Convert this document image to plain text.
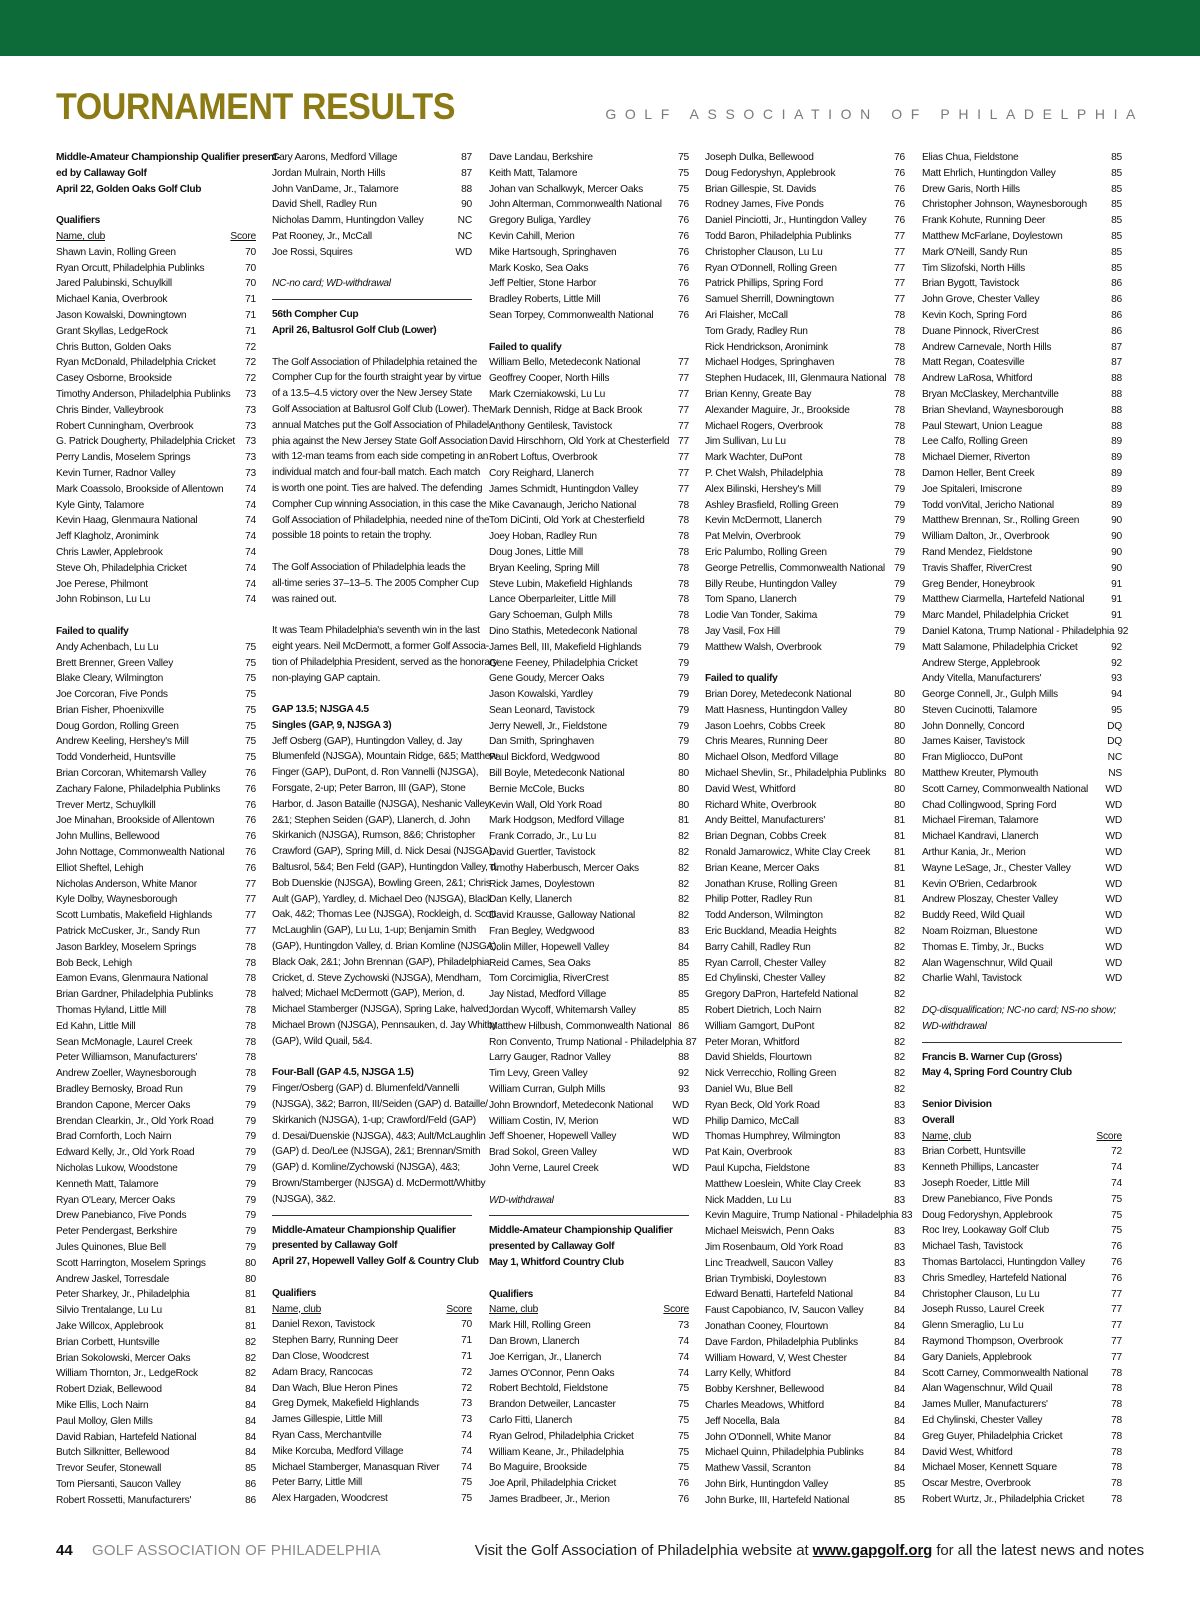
TOURNAMENT RESULTS	GOLF ASSOCIATION OF PHILADELPHIA
Middle-Amateur Championship Qualifier present-
ed by Callaway Golf
April 22, Golden Oaks Golf Club
Qualifiers
Name, club	Score
Shawn Lavin, Rolling Green	70
Ryan Orcutt, Philadelphia Publinks	70
Jared Palubinski, Schuylkill	70
Michael Kania, Overbrook	71
Jason Kowalski, Downingtown	71
Grant Skyllas, LedgeRock	71
Chris Button, Golden Oaks	72
Ryan McDonald, Philadelphia Cricket	72
Casey Osborne, Brookside	72
Timothy Anderson, Philadelphia Publinks 73
Chris Binder, Valleybrook	73
Robert Cunningham, Overbrook	73
G. Patrick Dougherty, Philadelphia Cricket 73
Perry Landis, Moselem Springs	73
Kevin Turner, Radnor Valley	73
Mark Coassolo, Brookside of Allentown 74
Kyle Ginty, Talamore	74
Kevin Haag, Glenmaura National	74
Jeff Klagholz, Aronimink	74
Chris Lawler, Applebrook	74
Steve Oh, Philadelphia Cricket	74
Joe Perese, Philmont	74
John Robinson, Lu Lu	74
Failed to qualify
Andy Achenbach, Lu Lu	75
Brett Brenner, Green Valley	75
Blake Cleary, Wilmington	75
Joe Corcoran, Five Ponds	75
Brian Fisher, Phoenixville	75
Doug Gordon, Rolling Green	75
Andrew Keeling, Hershey's Mill	75
Todd Vonderheid, Huntsville	75
Brian Corcoran, Whitemarsh Valley	76
Zachary Falone, Philadelphia Publinks 76
Trever Mertz, Schuylkill	76
Joe Minahan, Brookside of Allentown	76
John Mullins, Bellewood	76
John Nottage, Commonwealth National 76
Elliot Sheftel, Lehigh	76
Nicholas Anderson, White Manor	77
Kyle Dolby, Waynesborough	77
Scott Lumbatis, Makefield Highlands	77
Patrick McCusker, Jr., Sandy Run	77
Jason Barkley, Moselem Springs	78
Bob Beck, Lehigh	78
Eamon Evans, Glenmaura National	78
Brian Gardner, Philadelphia Publinks	78
Thomas Hyland, Little Mill	78
Ed Kahn, Little Mill	78
Sean McMonagle, Laurel Creek	78
Peter Williamson, Manufacturers'	78
Andrew Zoeller, Waynesborough	78
Bradley Bernosky, Broad Run	79
Brandon Capone, Mercer Oaks	79
Brendan Clearkin, Jr., Old York Road	79
Brad Cornforth, Loch Nairn	79
Edward Kelly, Jr., Old York Road	79
Nicholas Lukow, Woodstone	79
Kenneth Matt, Talamore	79
Ryan O'Leary, Mercer Oaks	79
Drew Panebianco, Five Ponds	79
Peter Pendergast, Berkshire	79
Jules Quinones, Blue Bell	79
Scott Harrington, Moselem Springs	80
Andrew Jaskel, Torresdale	80
Peter Sharkey, Jr., Philadelphia	81
Silvio Trentalange, Lu Lu	81
Jake Willcox, Applebrook	81
Brian Corbett, Huntsville	82
Brian Sokolowski, Mercer Oaks	82
William Thornton, Jr., LedgeRock	82
Robert Dziak, Bellewood	84
Mike Ellis, Loch Nairn	84
Paul Molloy, Glen Mills	84
David Rabian, Hartefeld National	84
Butch Silknitter, Bellewood	84
Trevor Seufer, Stonewall	85
Tom Piersanti, Saucon Valley	86
Robert Rossetti, Manufacturers'	86
Cary Aarons, Medford Village	87
Jordan Mulrain, North Hills	87
John VanDame, Jr., Talamore	88
David Shell, Radley Run	90
Nicholas Damm, Huntingdon Valley	NC
Pat Rooney, Jr., McCall	NC
Joe Rossi, Squires	WD
NC-no card; WD-withdrawal
56th Compher Cup
April 26, Baltusrol Golf Club (Lower)
The Golf Association of Philadelphia retained the
Compher Cup for the fourth straight year by virtue
of a 13.5–4.5 victory over the New Jersey State
Golf Association at Baltusrol Golf Club (Lower). The
annual Matches put the Golf Association of Philadel-
phia against the New Jersey State Golf Association
with 12-man teams from each side competing in an
individual match and four-ball match. Each match
is worth one point. Ties are halved. The defending
Compher Cup winning Association, in this case the
Golf Association of Philadelphia, needed nine of the
possible 18 points to retain the trophy.
The Golf Association of Philadelphia leads the
all-time series 37–13–5. The 2005 Compher Cup
was rained out.
It was Team Philadelphia's seventh win in the last
eight years. Neil McDermott, a former Golf Associa-
tion of Philadelphia President, served as the honorary
non-playing GAP captain.
GAP 13.5; NJSGA 4.5
Singles (GAP, 9, NJSGA 3)
Jeff Osberg (GAP), Huntingdon Valley, d. Jay
Blumenfeld (NJSGA), Mountain Ridge, 6&5; Matthew
Finger (GAP), DuPont, d. Ron Vannelli (NJSGA),
Forsgate, 2-up; Peter Barron, III (GAP), Stone
Harbor, d. Jason Bataille (NJSGA), Neshanic Valley,
2&1; Stephen Seiden (GAP), Llanerch, d. John
Skirkanich (NJSGA), Rumson, 8&6; Christopher
Crawford (GAP), Spring Mill, d. Nick Desai (NJSGA),
Baltusrol, 5&4; Ben Feld (GAP), Huntingdon Valley, d.
Bob Duenskie (NJSGA), Bowling Green, 2&1; Chris
Ault (GAP), Yardley, d. Michael Deo (NJSGA), Black
Oak, 4&2; Thomas Lee (NJSGA), Rockleigh, d. Scott
McLaughlin (GAP), Lu Lu, 1-up; Benjamin Smith
(GAP), Huntingdon Valley, d. Brian Komline (NJSGA),
Black Oak, 2&1; John Brennan (GAP), Philadelphia
Cricket, d. Steve Zychowski (NJSGA), Mendham,
halved; Michael McDermott (GAP), Merion, d.
Michael Stamberger (NJSGA), Spring Lake, halved;
Michael Brown (NJSGA), Pennsauken, d. Jay Whitby
(GAP), Wild Quail, 5&4.
Four-Ball (GAP 4.5, NJSGA 1.5)
Finger/Osberg (GAP) d. Blumenfeld/Vannelli
(NJSGA), 3&2; Barron, III/Seiden (GAP) d. Bataille/
Skirkanich (NJSGA), 1-up; Crawford/Feld (GAP)
d. Desai/Duenskie (NJSGA), 4&3; Ault/McLaughlin
(GAP) d. Deo/Lee (NJSGA), 2&1; Brennan/Smith
(GAP) d. Komline/Zychowski (NJSGA), 4&3;
Brown/Stamberger (NJSGA) d. McDermott/Whitby
(NJSGA), 3&2.
Middle-Amateur Championship Qualifier
presented by Callaway Golf
April 27, Hopewell Valley Golf & Country Club
Qualifiers
Name, club	Score
Daniel Rexon, Tavistock	70
Stephen Barry, Running Deer	71
Dan Close, Woodcrest	71
Adam Bracy, Rancocas	72
Dan Wach, Blue Heron Pines	72
Greg Dymek, Makefield Highlands	73
James Gillespie, Little Mill	73
Ryan Cass, Merchantville	74
Mike Korcuba, Medford Village	74
Michael Stamberger, Manasquan River 74
Peter Barry, Little Mill	75
Alex Hargaden, Woodcrest	75
Dave Landau, Berkshire	75
Keith Matt, Talamore	75
Johan van Schalkwyk, Mercer Oaks	75
John Alterman, Commonwealth National 76
Gregory Buliga, Yardley	76
Kevin Cahill, Merion	76
Mike Hartsough, Springhaven	76
Mark Kosko, Sea Oaks	76
Jeff Peltier, Stone Harbor	76
Bradley Roberts, Little Mill	76
Sean Torpey, Commonwealth National 76
Failed to qualify
William Bello, Metedeconk National	77
Geoffrey Cooper, North Hills	77
Mark Czerniakowski, Lu Lu	77
Mark Dennish, Ridge at Back Brook	77
Anthony Gentilesk, Tavistock	77
David Hirschhorn, Old York at Chesterfield 77
Robert Loftus, Overbrook	77
Cory Reighard, Llanerch	77
James Schmidt, Huntingdon Valley	77
Mike Cavanaugh, Jericho National	78
Tom DiCinti, Old York at Chesterfield	78
Joey Hoban, Radley Run	78
Doug Jones, Little Mill	78
Bryan Keeling, Spring Mill	78
Steve Lubin, Makefield Highlands	78
Lance Oberparleiter, Little Mill	78
Gary Schoeman, Gulph Mills	78
Dino Stathis, Metedeconk National	78
James Bell, III, Makefield Highlands	79
Gene Feeney, Philadelphia Cricket	79
Gene Goudy, Mercer Oaks	79
Jason Kowalski, Yardley	79
Sean Leonard, Tavistock	79
Jerry Newell, Jr., Fieldstone	79
Dan Smith, Springhaven	79
Paul Bickford, Wedgwood	80
Bill Boyle, Metedeconk National	80
Bernie McCole, Bucks	80
Kevin Wall, Old York Road	80
Mark Hodgson, Medford Village	81
Frank Corrado, Jr., Lu Lu	82
David Guertler, Tavistock	82
Timothy Haberbusch, Mercer Oaks	82
Rick James, Doylestown	82
Dan Kelly, Llanerch	82
David Krausse, Galloway National	82
Fran Begley, Wedgwood	83
Colin Miller, Hopewell Valley	84
Reid Cames, Sea Oaks	85
Tom Corcimiglia, RiverCrest	85
Jay Nistad, Medford Village	85
Jordan Wycoff, Whitemarsh Valley	85
Matthew Hilbush, Commonwealth National 86
Ron Convento, Trump National - Philadelphia 87
Larry Gauger, Radnor Valley	88
Tim Levy, Green Valley	92
William Curran, Gulph Mills	93
John Browndorf, Metedeconk National WD
William Costin, IV, Merion	WD
Jeff Shoener, Hopewell Valley	WD
Brad Sokol, Green Valley	WD
John Verne, Laurel Creek	WD
WD-withdrawal
Middle-Amateur Championship Qualifier
presented by Callaway Golf
May 1, Whitford Country Club
Qualifiers
Name, club	Score
Mark Hill, Rolling Green	73
Dan Brown, Llanerch	74
Joe Kerrigan, Jr., Llanerch	74
James O'Connor, Penn Oaks	74
Robert Bechtold, Fieldstone	75
Brandon Detweiler, Lancaster	75
Carlo Fitti, Llanerch	75
Ryan Gelrod, Philadelphia Cricket	75
William Keane, Jr., Philadelphia	75
Bo Maguire, Brookside	75
Joe April, Philadelphia Cricket	76
James Bradbeer, Jr., Merion	76
Joseph Dulka, Bellewood	76
Doug Fedoryshyn, Applebrook	76
Brian Gillespie, St. Davids	76
Rodney James, Five Ponds	76
Daniel Pinciotti, Jr., Huntingdon Valley	76
Todd Baron, Philadelphia Publinks	77
Christopher Clauson, Lu Lu	77
Ryan O'Donnell, Rolling Green	77
Patrick Phillips, Spring Ford	77
Samuel Sherrill, Downingtown	77
Ari Flaisher, McCall	78
Tom Grady, Radley Run	78
Rick Hendrickson, Aronimink	78
Michael Hodges, Springhaven	78
Stephen Hudacek, III, Glenmaura National 78
Brian Kenny, Greate Bay	78
Alexander Maguire, Jr., Brookside	78
Michael Rogers, Overbrook	78
Jim Sullivan, Lu Lu	78
Mark Wachter, DuPont	78
P. Chet Walsh, Philadelphia	78
Alex Bilinski, Hershey's Mill	79
Ashley Brasfield, Rolling Green	79
Kevin McDermott, Llanerch	79
Pat Melvin, Overbrook	79
Eric Palumbo, Rolling Green	79
George Petrellis, Commonwealth National 79
Billy Reube, Huntingdon Valley	79
Tom Spano, Llanerch	79
Lodie Van Tonder, Sakima	79
Jay Vasil, Fox Hill	79
Matthew Walsh, Overbrook	79
Failed to qualify
Brian Dorey, Metedeconk National	80
Matt Hasness, Huntingdon Valley	80
Jason Loehrs, Cobbs Creek	80
Chris Meares, Running Deer	80
Michael Olson, Medford Village	80
Michael Shevlin, Sr., Philadelphia Publinks 80
David West, Whitford	80
Richard White, Overbrook	80
Andy Beittel, Manufacturers'	81
Brian Degnan, Cobbs Creek	81
Ronald Jamarowicz, White Clay Creek 81
Brian Keane, Mercer Oaks	81
Jonathan Kruse, Rolling Green	81
Philip Potter, Radley Run	81
Todd Anderson, Wilmington	82
Eric Buckland, Meadia Heights	82
Barry Cahill, Radley Run	82
Ryan Carroll, Chester Valley	82
Ed Chylinski, Chester Valley	82
Gregory DaPron, Hartefeld National	82
Robert Dietrich, Loch Nairn	82
William Gamgort, DuPont	82
Peter Moran, Whitford	82
David Shields, Flourtown	82
Nick Verrecchio, Rolling Green	82
Daniel Wu, Blue Bell	82
Ryan Beck, Old York Road	83
Philip Damico, McCall	83
Thomas Humphrey, Wilmington	83
Pat Kain, Overbrook	83
Paul Kupcha, Fieldstone	83
Matthew Loeslein, White Clay Creek	83
Nick Madden, Lu Lu	83
Kevin Maguire, Trump National - Philadelphia 83
Michael Meiswich, Penn Oaks	83
Jim Rosenbaum, Old York Road	83
Linc Treadwell, Saucon Valley	83
Brian Trymbiski, Doylestown	83
Edward Benatti, Hartefeld National	84
Faust Capobianco, IV, Saucon Valley	84
Jonathan Cooney, Flourtown	84
Dave Fardon, Philadelphia Publinks	84
William Howard, V, West Chester	84
Larry Kelly, Whitford	84
Bobby Kershner, Bellewood	84
Charles Meadows, Whitford	84
Jeff Nocella, Bala	84
John O'Donnell, White Manor	84
Michael Quinn, Philadelphia Publinks	84
Mathew Vassil, Scranton	84
John Birk, Huntingdon Valley	85
John Burke, III, Hartefeld National	85
Elias Chua, Fieldstone	85
Matt Ehrlich, Huntingdon Valley	85
Drew Garis, North Hills	85
Christopher Johnson, Waynesborough 85
Frank Kohute, Running Deer	85
Matthew McFarlane, Doylestown	85
Mark O'Neill, Sandy Run	85
Tim Slizofski, North Hills	85
Brian Bygott, Tavistock	86
John Grove, Chester Valley	86
Kevin Koch, Spring Ford	86
Duane Pinnock, RiverCrest	86
Andrew Carnevale, North Hills	87
Matt Regan, Coatesville	87
Andrew LaRosa, Whitford	88
Bryan McClaskey, Merchantville	88
Brian Shevland, Waynesborough	88
Paul Stewart, Union League	88
Lee Calfo, Rolling Green	89
Michael Diemer, Riverton	89
Damon Heller, Bent Creek	89
Joe Spitaleri, Imiscrone	89
Todd vonVital, Jericho National	89
Matthew Brennan, Sr., Rolling Green	90
William Dalton, Jr., Overbrook	90
Rand Mendez, Fieldstone	90
Travis Shaffer, RiverCrest	90
Greg Bender, Honeybrook	91
Matthew Ciarmella, Hartefeld National	91
Marc Mandel, Philadelphia Cricket	91
Daniel Katona, Trump National - Philadelphia 92
Matt Salamone, Philadelphia Cricket	92
Andrew Sterge, Applebrook	92
Andy Vitella, Manufacturers'	93
George Connell, Jr., Gulph Mills	94
Steven Cucinotti, Talamore	95
John Donnelly, Concord	DQ
James Kaiser, Tavistock	DQ
Fran Migliocco, DuPont	NC
Matthew Kreuter, Plymouth	NS
Scott Carney, Commonwealth National WD
Chad Collingwood, Spring Ford	WD
Michael Fireman, Talamore	WD
Michael Kandravi, Llanerch	WD
Arthur Kania, Jr., Merion	WD
Wayne LeSage, Jr., Chester Valley	WD
Kevin O'Brien, Cedarbrook	WD
Andrew Ploszay, Chester Valley	WD
Buddy Reed, Wild Quail	WD
Noam Roizman, Bluestone	WD
Thomas E. Timby, Jr., Bucks	WD
Alan Wagenschnur, Wild Quail	WD
Charlie Wahl, Tavistock	WD
DQ-disqualification; NC-no card; NS-no show;
WD-withdrawal
Francis B. Warner Cup (Gross)
May 4, Spring Ford Country Club
Senior Division
Overall
Name, club	Score
Brian Corbett, Huntsville	72
Kenneth Phillips, Lancaster	74
Joseph Roeder, Little Mill	74
Drew Panebianco, Five Ponds	75
Doug Fedoryshyn, Applebrook	75
Roc Irey, Lookaway Golf Club	75
Michael Tash, Tavistock	76
Thomas Bartolacci, Huntingdon Valley	76
Chris Smedley, Hartefeld National	76
Christopher Clauson, Lu Lu	77
Joseph Russo, Laurel Creek	77
Glenn Smeraglio, Lu Lu	77
Raymond Thompson, Overbrook	77
Gary Daniels, Applebrook	77
Scott Carney, Commonwealth National 78
Alan Wagenschnur, Wild Quail	78
James Muller, Manufacturers'	78
Ed Chylinski, Chester Valley	78
Greg Guyer, Philadelphia Cricket	78
David West, Whitford	78
Michael Moser, Kennett Square	78
Oscar Mestre, Overbrook	78
Robert Wurtz, Jr., Philadelphia Cricket	78
44 GOLF ASSOCIATION OF PHILADELPHIA	Visit the Golf Association of Philadelphia website at www.gapgolf.org for all the latest news and notes
